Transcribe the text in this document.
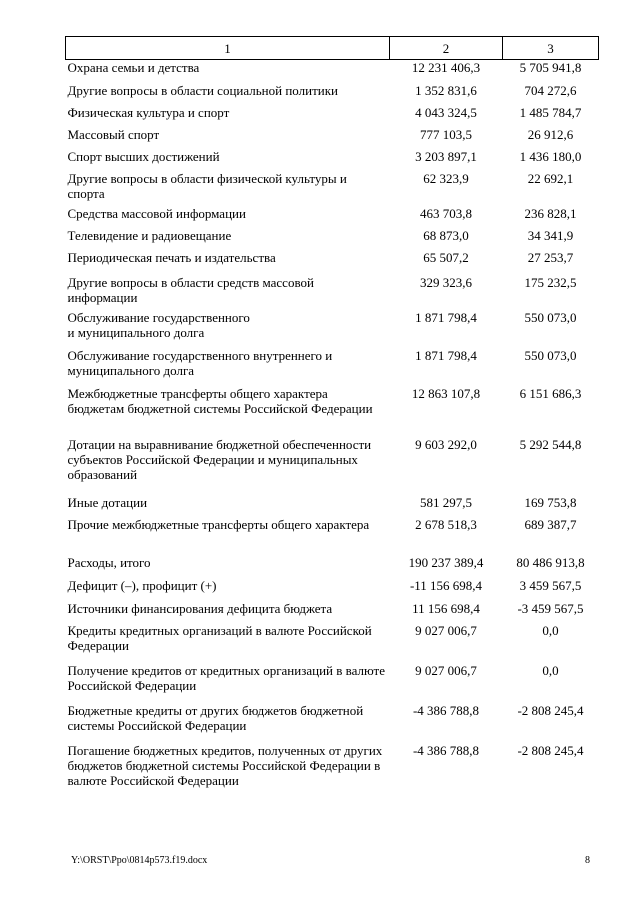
1	2	3
Охрана семьи и детства	12 231 406,3	5 705 941,8
Другие вопросы в области социальной политики	1 352 831,6	704 272,6
Физическая культура и спорт	4 043 324,5	1 485 784,7
Массовый спорт	777 103,5	26 912,6
Спорт высших достижений	3 203 897,1	1 436 180,0
Другие вопросы в области физической культуры и спорта	62 323,9	22 692,1
Средства массовой информации	463 703,8	236 828,1
Телевидение и радиовещание	68 873,0	34 341,9
Периодическая печать и издательства	65 507,2	27 253,7
Другие вопросы в области средств массовой информации	329 323,6	175 232,5
Обслуживание государственного
и муниципального долга	1 871 798,4	550 073,0
Обслуживание государственного внутреннего и муниципального долга	1 871 798,4	550 073,0
Межбюджетные трансферты общего характера бюджетам бюджетной системы Российской Федерации	12 863 107,8	6 151 686,3
Дотации на выравнивание бюджетной обеспеченности субъектов Российской Федерации и муниципальных образований	9 603 292,0	5 292 544,8
Иные дотации	581 297,5	169 753,8
Прочие межбюджетные трансферты общего характера	2 678 518,3	689 387,7
Расходы, итого	190 237 389,4	80 486 913,8
Дефицит (–), профицит (+)	-11 156 698,4	3 459 567,5
Источники финансирования дефицита бюджета	11 156 698,4	-3 459 567,5
Кредиты кредитных организаций в валюте Российской Федерации	9 027 006,7	0,0
Получение кредитов от кредитных организаций в валюте Российской Федерации	9 027 006,7	0,0
Бюджетные кредиты от других бюджетов бюджетной системы Российской Федерации	-4 386 788,8	-2 808 245,4
Погашение бюджетных кредитов, полученных от других бюджетов бюджетной системы Российской Федерации в валюте Российской Федерации	-4 386 788,8	-2 808 245,4
Y:\ORST\Ppo\0814p573.f19.docx	8
